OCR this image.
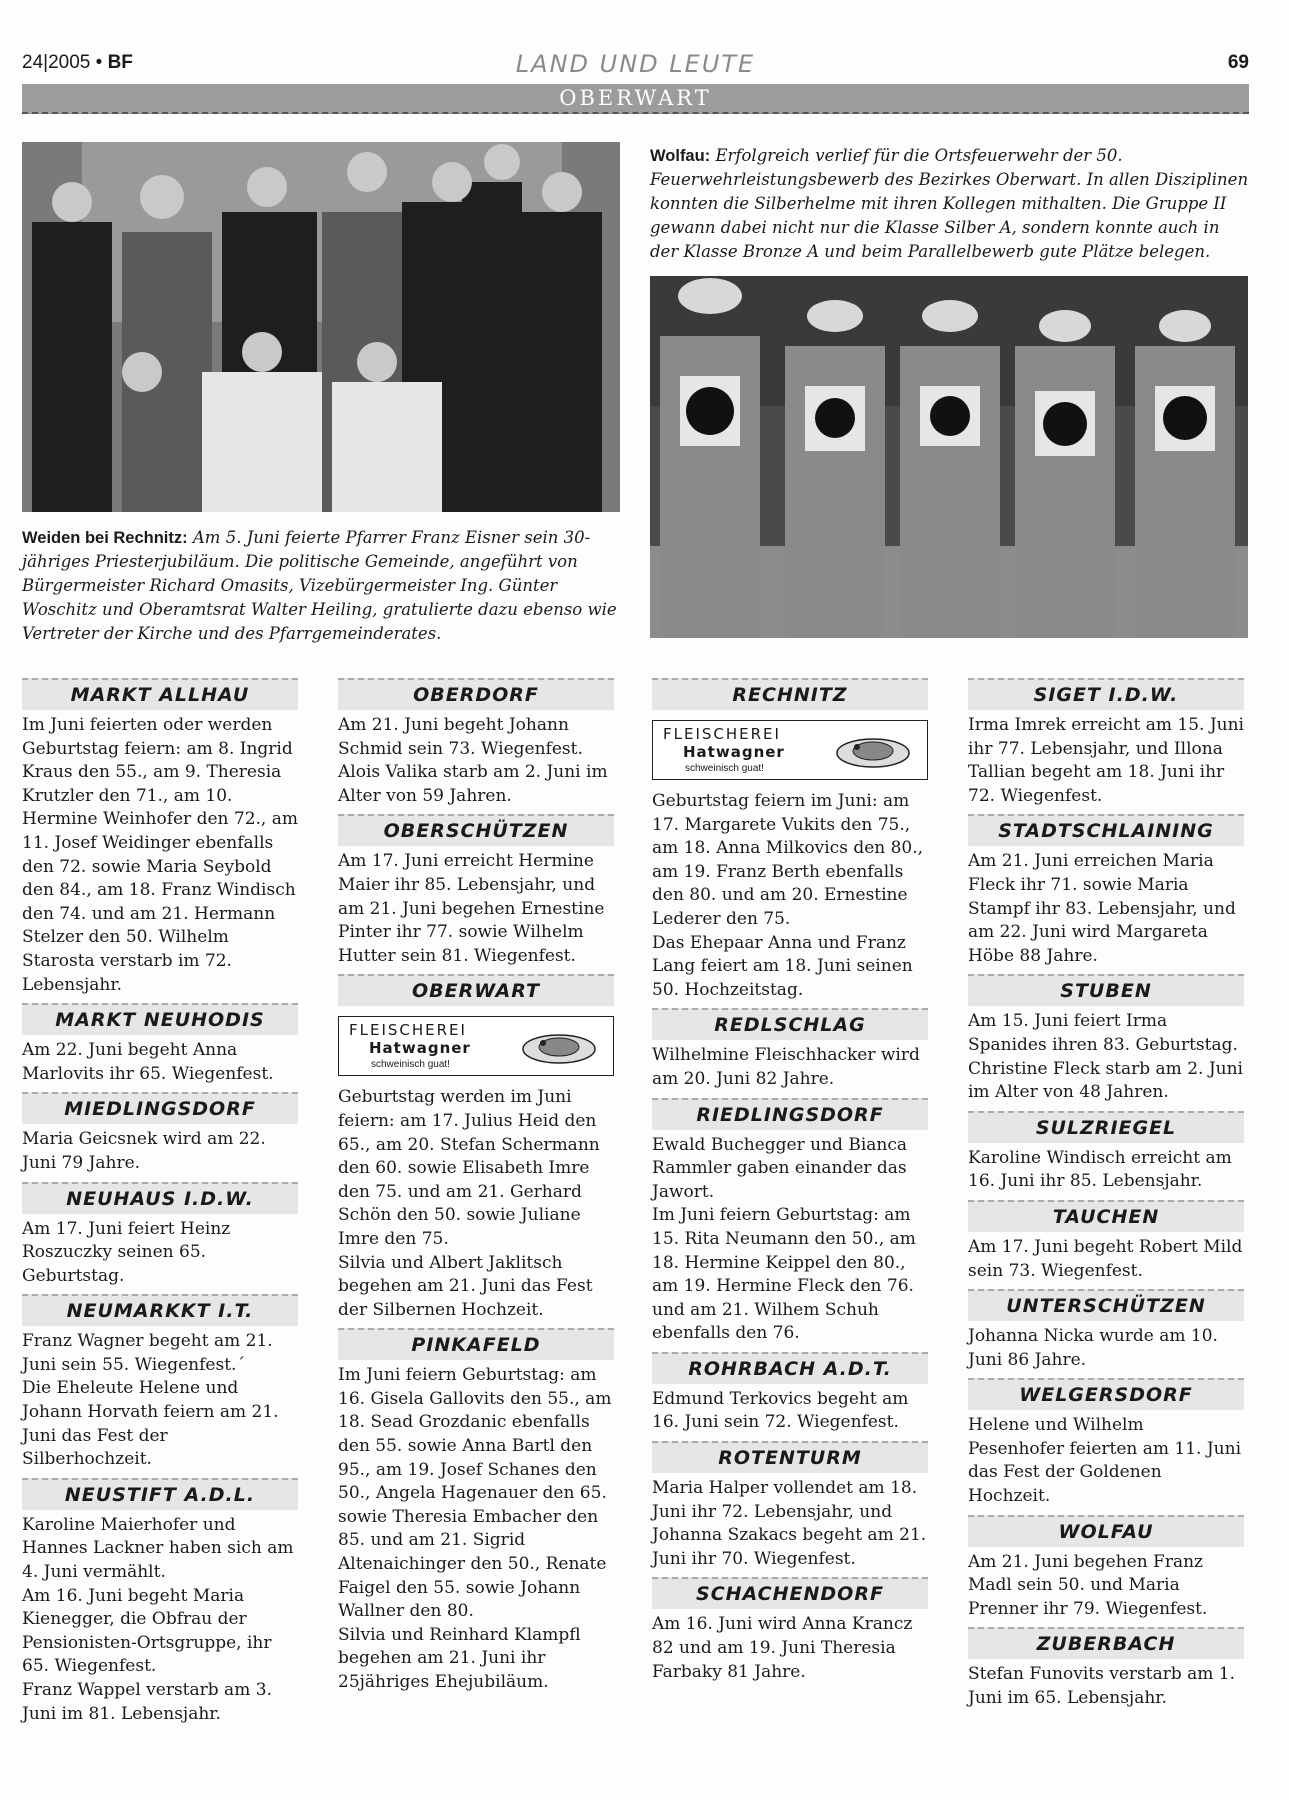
24|2005 • BF	LAND UND LEUTE	69
OBERWART
Weiden bei Rechnitz: Am 5. Juni feierte Pfarrer Franz Eisner sein 30-jähriges Priesterjubiläum. Die politische Gemeinde, angeführt von Bürgermeister Richard Omasits, Vizebürgermeister Ing. Günter Woschitz und Oberamtsrat Walter Heiling, gratulierte dazu ebenso wie Vertreter der Kirche und des Pfarrgemeinderates.
Wolfau: Erfolgreich verlief für die Ortsfeuerwehr der 50. Feuerwehrleistungsbewerb des Bezirkes Oberwart. In allen Disziplinen konnten die Silberhelme mit ihren Kollegen mithalten. Die Gruppe II gewann dabei nicht nur die Klasse Silber A, sondern konnte auch in der Klasse Bronze A und beim Parallelbewerb gute Plätze belegen.
MARKT ALLHAU

Im Juni feierten oder werden Geburtstag feiern: am 8. Ingrid Kraus den 55., am 9. Theresia Krutzler den 71., am 10. Hermine Weinhofer den 72., am 11. Josef Weidinger ebenfalls den 72. sowie Maria Seybold den 84., am 18. Franz Windisch den 74. und am 21. Hermann Stelzer den 50. Wilhelm Starosta verstarb im 72. Lebensjahr.

MARKT NEUHODIS

Am 22. Juni begeht Anna Marlovits ihr 65. Wiegenfest.

MIEDLINGSDORF

Maria Geicsnek wird am 22. Juni 79 Jahre.

NEUHAUS I.D.W.

Am 17. Juni feiert Heinz Roszuczky seinen 65. Geburtstag.

NEUMARKKT I.T.

Franz Wagner begeht am 21. Juni sein 55. Wiegenfest.´

Die Eheleute Helene und Johann Horvath feiern am 21. Juni das Fest der Silberhochzeit.

NEUSTIFT A.D.L.

Karoline Maierhofer und Hannes Lackner haben sich am 4. Juni vermählt.

Am 16. Juni begeht Maria Kienegger, die Obfrau der Pensionisten-Ortsgruppe, ihr 65. Wiegenfest.

Franz Wappel verstarb am 3. Juni im 81. Lebensjahr.

OBERDORF

Am 21. Juni begeht Johann Schmid sein 73. Wiegenfest.

Alois Valika starb am 2. Juni im Alter von 59 Jahren.

OBERSCHÜTZEN

Am 17. Juni erreicht Hermine Maier ihr 85. Lebensjahr, und am 21. Juni begehen Ernestine Pinter ihr 77. sowie Wilhelm Hutter sein 81. Wiegenfest.

OBERWART
FLEISCHEREI
Hatwagner
schweinisch guat!

Geburtstag werden im Juni feiern: am 17. Julius Heid den 65., am 20. Stefan Schermann den 60. sowie Elisabeth Imre den 75. und am 21. Gerhard Schön den 50. sowie Juliane Imre den 75.

Silvia und Albert Jaklitsch begehen am 21. Juni das Fest der Silbernen Hochzeit.

PINKAFELD

Im Juni feiern Geburtstag: am 16. Gisela Gallovits den 55., am 18. Sead Grozdanic ebenfalls den 55. sowie Anna Bartl den 95., am 19. Josef Schanes den 50., Angela Hagenauer den 65. sowie Theresia Embacher den 85. und am 21. Sigrid Altenaichinger den 50., Renate Faigel den 55. sowie Johann Wallner den 80.

Silvia und Reinhard Klampfl begehen am 21. Juni ihr 25jähriges Ehejubiläum.

RECHNITZ
FLEISCHEREI
Hatwagner
schweinisch guat!

Geburtstag feiern im Juni: am 17. Margarete Vukits den 75., am 18. Anna Milkovics den 80., am 19. Franz Berth ebenfalls den 80. und am 20. Ernestine Lederer den 75.

Das Ehepaar Anna und Franz Lang feiert am 18. Juni seinen 50. Hochzeitstag.

REDLSCHLAG

Wilhelmine Fleischhacker wird am 20. Juni 82 Jahre.

RIEDLINGSDORF

Ewald Buchegger und Bianca Rammler gaben einander das Jawort.

Im Juni feiern Geburtstag: am 15. Rita Neumann den 50., am 18. Hermine Keippel den 80., am 19. Hermine Fleck den 76. und am 21. Wilhem Schuh ebenfalls den 76.

ROHRBACH A.D.T.

Edmund Terkovics begeht am 16. Juni sein 72. Wiegenfest.

ROTENTURM

Maria Halper vollendet am 18. Juni ihr 72. Lebensjahr, und Johanna Szakacs begeht am 21. Juni ihr 70. Wiegenfest.

SCHACHENDORF

Am 16. Juni wird Anna Krancz 82 und am 19. Juni Theresia Farbaky 81 Jahre.

SIGET I.D.W.

Irma Imrek erreicht am 15. Juni ihr 77. Lebensjahr, und Illona Tallian begeht am 18. Juni ihr 72. Wiegenfest.

STADTSCHLAINING

Am 21. Juni erreichen Maria Fleck ihr 71. sowie Maria Stampf ihr 83. Lebensjahr, und am 22. Juni wird Margareta Höbe 88 Jahre.

STUBEN

Am 15. Juni feiert Irma Spanides ihren 83. Geburtstag.

Christine Fleck starb am 2. Juni im Alter von 48 Jahren.

SULZRIEGEL

Karoline Windisch erreicht am 16. Juni ihr 85. Lebensjahr.

TAUCHEN

Am 17. Juni begeht Robert Mild sein 73. Wiegenfest.

UNTERSCHÜTZEN

Johanna Nicka wurde am 10. Juni 86 Jahre.

WELGERSDORF

Helene und Wilhelm Pesenhofer feierten am 11. Juni das Fest der Goldenen Hochzeit.

WOLFAU

Am 21. Juni begehen Franz Madl sein 50. und Maria Prenner ihr 79. Wiegenfest.

ZUBERBACH

Stefan Funovits verstarb am 1. Juni im 65. Lebensjahr.
